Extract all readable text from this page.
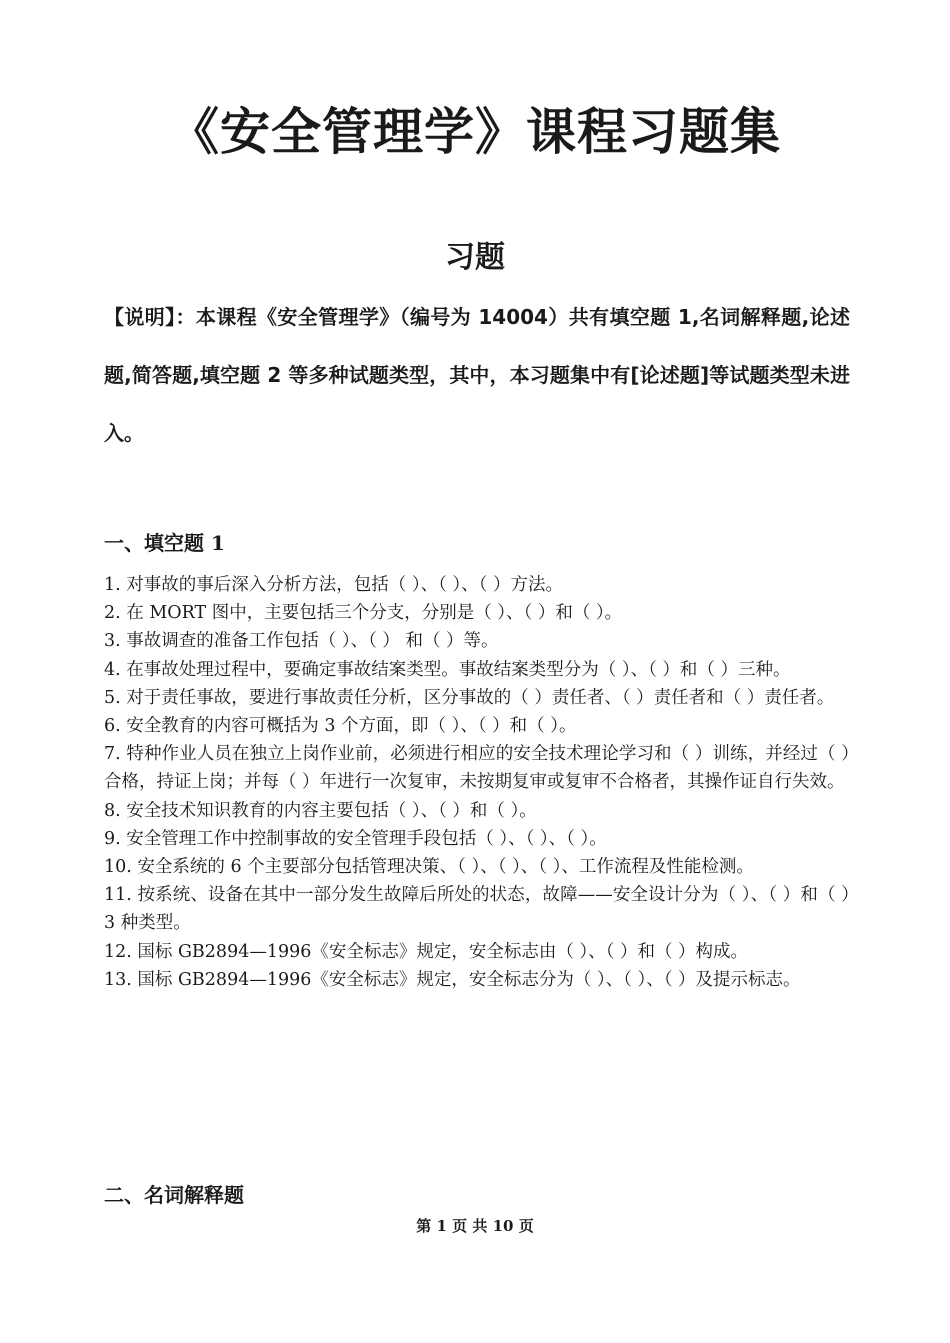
《安全管理学》课程习题集
习题

【说明】：本课程《安全管理学》（编号为 14004）共有填空题 1,名词解释题,论述题,简答题,填空题 2 等多种试题类型，其中，本习题集中有[论述题]等试题类型未进入。

一、填空题 1
1. 对事故的事后深入分析方法，包括（ ）、（ ）、（ ）方法。
2. 在 MORT 图中，主要包括三个分支，分别是（ ）、（ ）和（ ）。
3. 事故调查的准备工作包括（ ）、（ ） 和（ ）等。
4. 在事故处理过程中，要确定事故结案类型。事故结案类型分为（ ）、（ ）和（ ）三种。
5. 对于责任事故，要进行事故责任分析，区分事故的（ ）责任者、（ ）责任者和（ ）责任者。
6. 安全教育的内容可概括为 3 个方面，即（ ）、（ ）和（ ）。
7. 特种作业人员在独立上岗作业前，必须进行相应的安全技术理论学习和（ ）训练，并经过（ ）合格，持证上岗；并每（ ）年进行一次复审，未按期复审或复审不合格者，其操作证自行失效。
8. 安全技术知识教育的内容主要包括（ ）、（ ）和（ ）。
9. 安全管理工作中控制事故的安全管理手段包括（ ）、（ ）、（ ）。
10. 安全系统的 6 个主要部分包括管理决策、（ ）、（ ）、（ ）、工作流程及性能检测。
11. 按系统、设备在其中一部分发生故障后所处的状态，故障——安全设计分为（ ）、（ ）和（ ）3 种类型。
12. 国标 GB2894—1996《安全标志》规定，安全标志由（ ）、（ ）和（ ）构成。
13. 国标 GB2894—1996《安全标志》规定，安全标志分为（ ）、（ ）、（ ）及提示标志。
二、名词解释题
第 1 页 共 10 页
